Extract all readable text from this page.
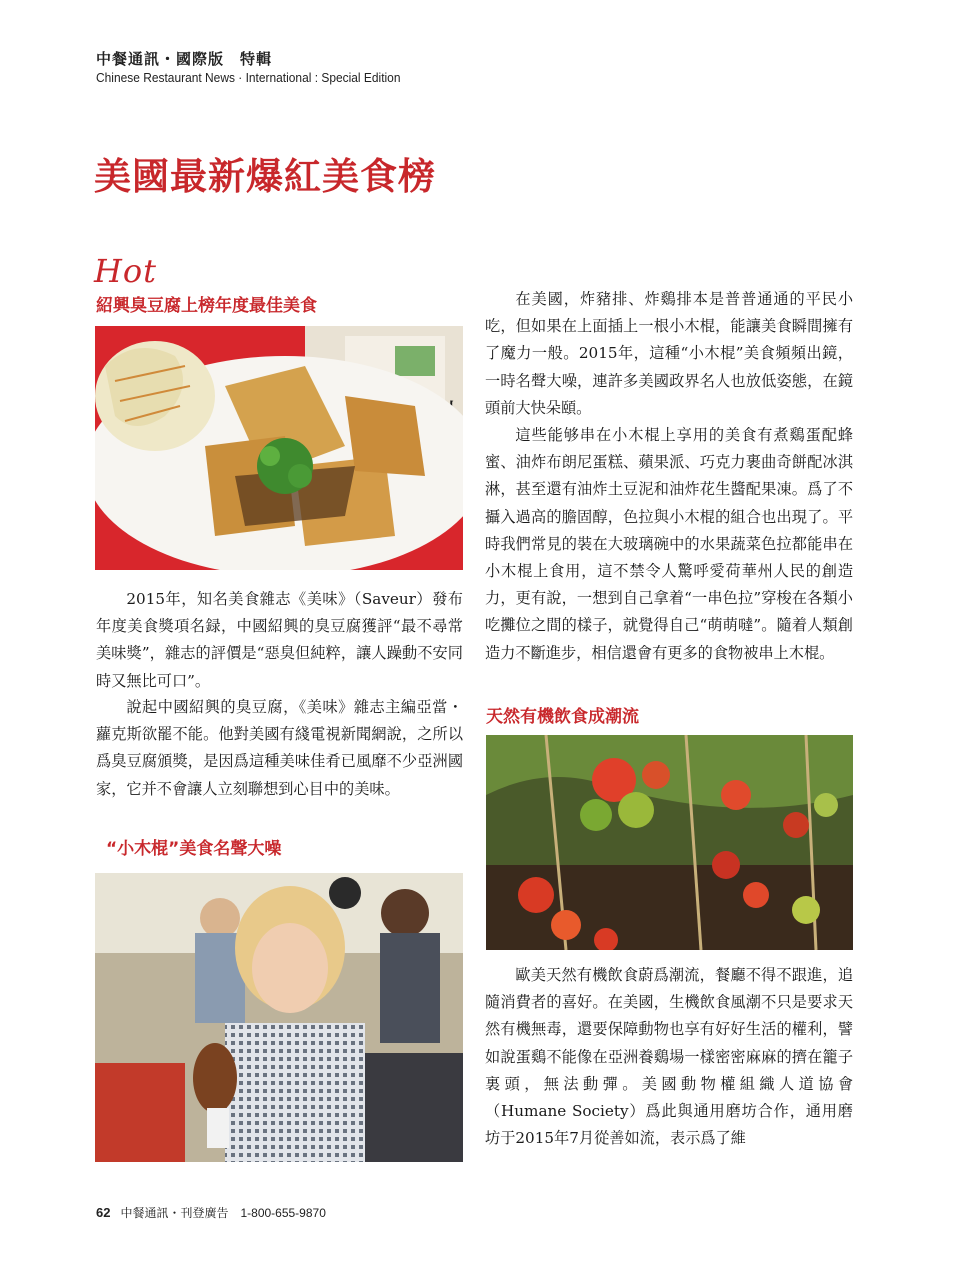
中餐通訊・國際版　特輯
Chinese Restaurant News · International : Special Edition
美國最新爆紅美食榜
Hot
紹興臭豆腐上榜年度最佳美食

2015年，知名美食雜志《美味》（Saveur）發布年度美食獎項名録，中國紹興的臭豆腐獲評“最不尋常美味獎”，雜志的評價是“惡臭但純粹，讓人躁動不安同時又無比可口”。

說起中國紹興的臭豆腐，《美味》雜志主編亞當・蘿克斯欲罷不能。他對美國有綫電視新聞網說，之所以爲臭豆腐頒獎，是因爲這種美味佳肴已風靡不少亞洲國家，它并不會讓人立刻聯想到心目中的美味。

“小木棍”美食名聲大噪

在美國，炸豬排、炸鷄排本是普普通通的平民小吃，但如果在上面插上一根小木棍，能讓美食瞬間擁有了魔力一般。2015年，這種“小木棍”美食頻頻出鏡，一時名聲大噪，連許多美國政界名人也放低姿態，在鏡頭前大快朵頤。

這些能够串在小木棍上享用的美食有煮鷄蛋配蜂蜜、油炸布朗尼蛋糕、蘋果派、巧克力裹曲奇餅配冰淇淋，甚至還有油炸土豆泥和油炸花生醬配果凍。爲了不攝入過高的膽固醇，色拉與小木棍的組合也出現了。平時我們常見的裝在大玻璃碗中的水果蔬菜色拉都能串在小木棍上食用，這不禁令人驚呼愛荷華州人民的創造力，更有說，一想到自己拿着“一串色拉”穿梭在各類小吃攤位之間的樣子，就覺得自己“萌萌噠”。隨着人類創造力不斷進步，相信還會有更多的食物被串上木棍。

天然有機飲食成潮流

歐美天然有機飲食蔚爲潮流，餐廳不得不跟進，追隨消費者的喜好。在美國，生機飲食風潮不只是要求天然有機無毒，還要保障動物也享有好好生活的權利，譬如說蛋鷄不能像在亞洲養鷄場一樣密密麻麻的擠在籠子裏頭，無法動彈。美國動物權組織人道協會（Humane Society）爲此與通用磨坊合作，通用磨坊于2015年7月從善如流，表示爲了維

62 中餐通訊・刊登廣告　1-800-655-9870
